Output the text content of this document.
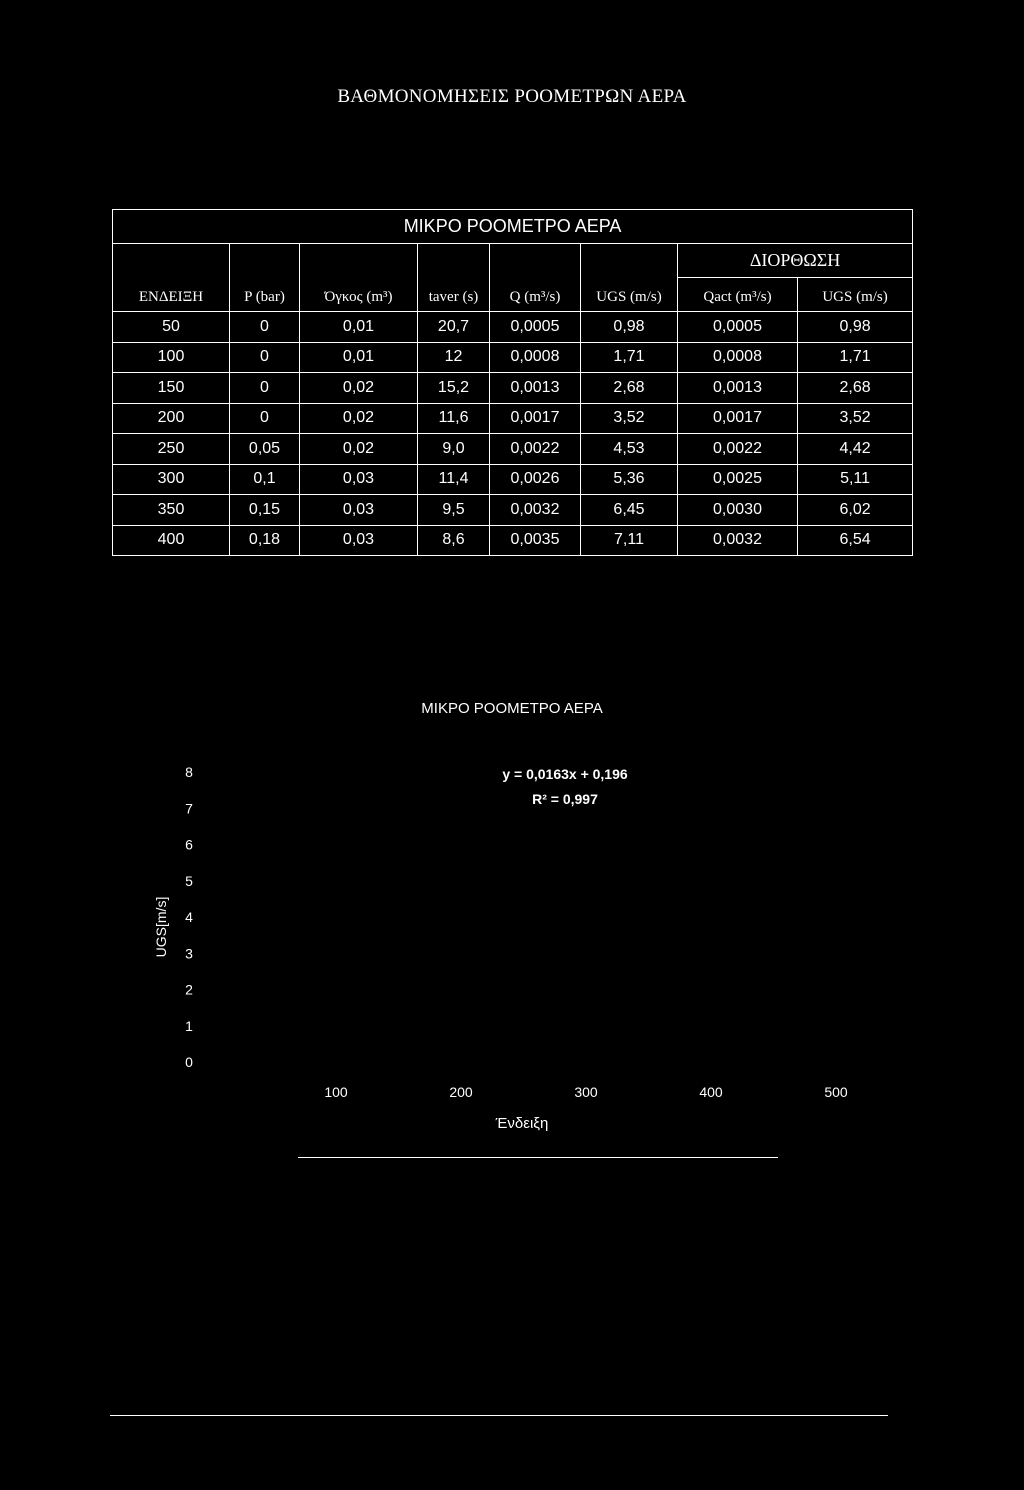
ΒΑΘΜΟΝΟΜΗΣΕΙΣ ΡΟΟΜΕΤΡΩΝ ΑΕΡΑ
ΜΙΚΡΟ ΡΟΟΜΕΤΡΟ ΑΕΡΑ							
ΕΝΔΕΙΞΗ	P (bar)	Όγκος (m³)	taver (s)	Q (m³/s)	UGS (m/s)	ΔΙΟΡΘΩΣΗ	
						Qact (m³/s)	UGS (m/s)
50	0	0,01	20,7	0,0005	0,98	0,0005	0,98
100	0	0,01	12	0,0008	1,71	0,0008	1,71
150	0	0,02	15,2	0,0013	2,68	0,0013	2,68
200	0	0,02	11,6	0,0017	3,52	0,0017	3,52
250	0,05	0,02	9,0	0,0022	4,53	0,0022	4,42
300	0,1	0,03	11,4	0,0026	5,36	0,0025	5,11
350	0,15	0,03	9,5	0,0032	6,45	0,0030	6,02
400	0,18	0,03	8,6	0,0035	7,11	0,0032	6,54
ΜΙΚΡΟ ΡΟΟΜΕΤΡΟ ΑΕΡΑ
0
1
2
3
4
5
6
7
8
100	200	300	400	500
UGS[m/s]
Ένδειξη
y = 0,0163x + 0,196
R² = 0,997
